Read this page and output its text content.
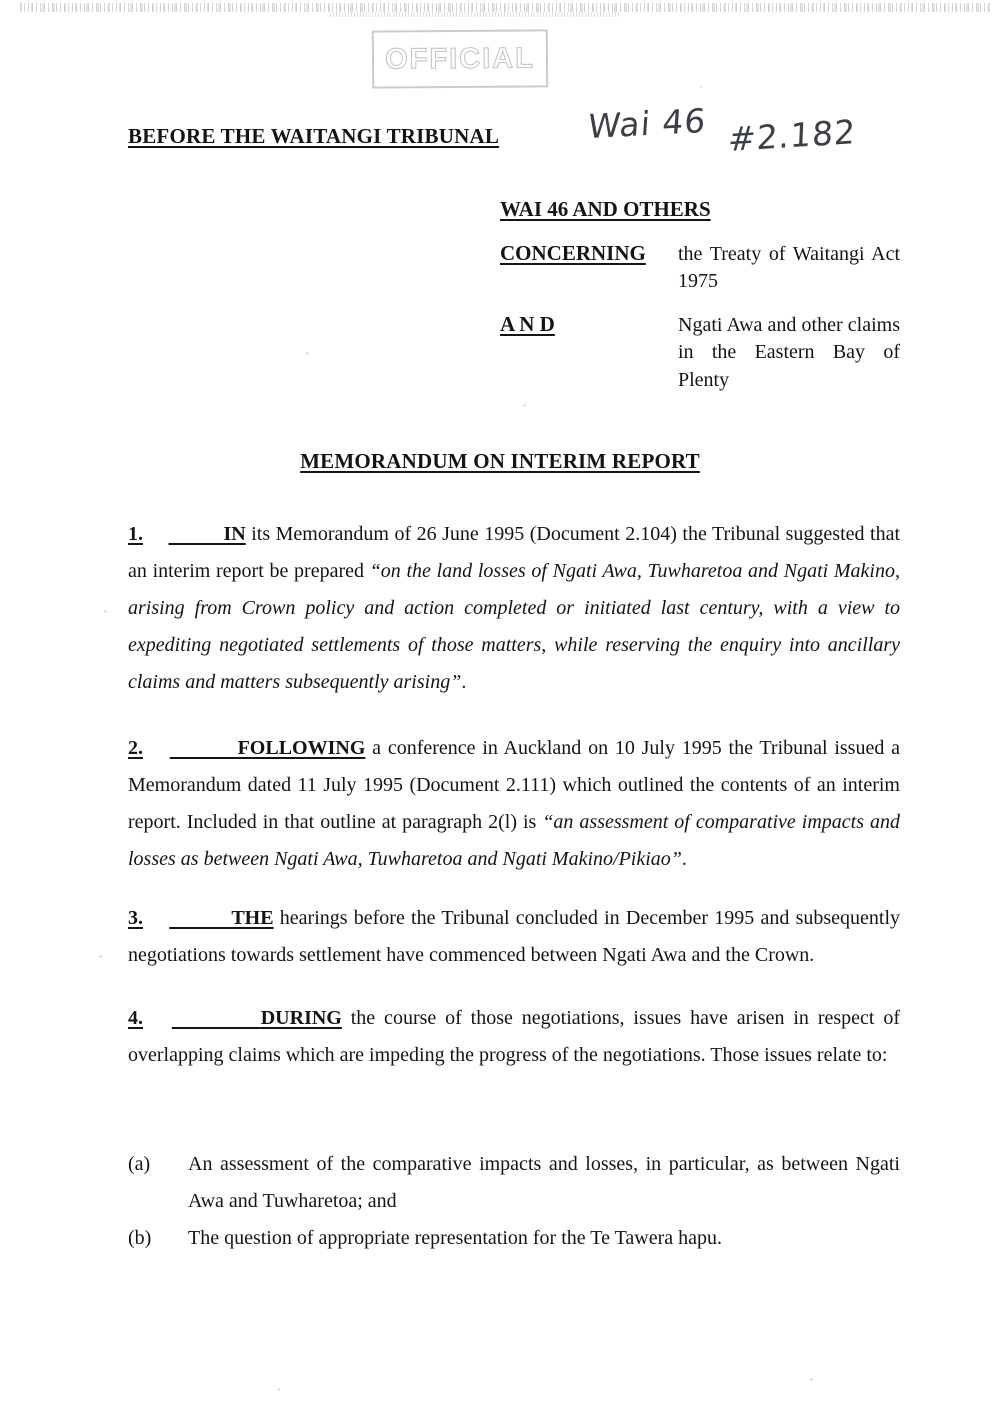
OFFICIAL
Wai 46 #2.182
BEFORE THE WAITANGI TRIBUNAL
WAI 46 AND OTHERS
CONCERNING	the Treaty of Waitangi Act 1975
A N D	Ngati Awa and other claims in the Eastern Bay of Plenty
MEMORANDUM ON INTERIM REPORT
1.		IN its Memorandum of 26 June 1995 (Document 2.104) the Tribunal suggested that an interim report be prepared “on the land losses of Ngati Awa, Tuwharetoa and Ngati Makino, arising from Crown policy and action completed or initiated last century, with a view to expediting negotiated settlements of those matters, while reserving the enquiry into ancillary claims and matters subsequently arising”.
2.		FOLLOWING a conference in Auckland on 10 July 1995 the Tribunal issued a Memorandum dated 11 July 1995 (Document 2.111) which outlined the contents of an interim report. Included in that outline at paragraph 2(l) is “an assessment of comparative impacts and losses as between Ngati Awa, Tuwharetoa and Ngati Makino/Pikiao”.
3.		THE hearings before the Tribunal concluded in December 1995 and subsequently negotiations towards settlement have commenced between Ngati Awa and the Crown.
4.		DURING the course of those negotiations, issues have arisen in respect of overlapping claims which are impeding the progress of the negotiations. Those issues relate to:
(a)	An assessment of the comparative impacts and losses, in particular, as between Ngati Awa and Tuwharetoa; and
(b)	The question of appropriate representation for the Te Tawera hapu.
